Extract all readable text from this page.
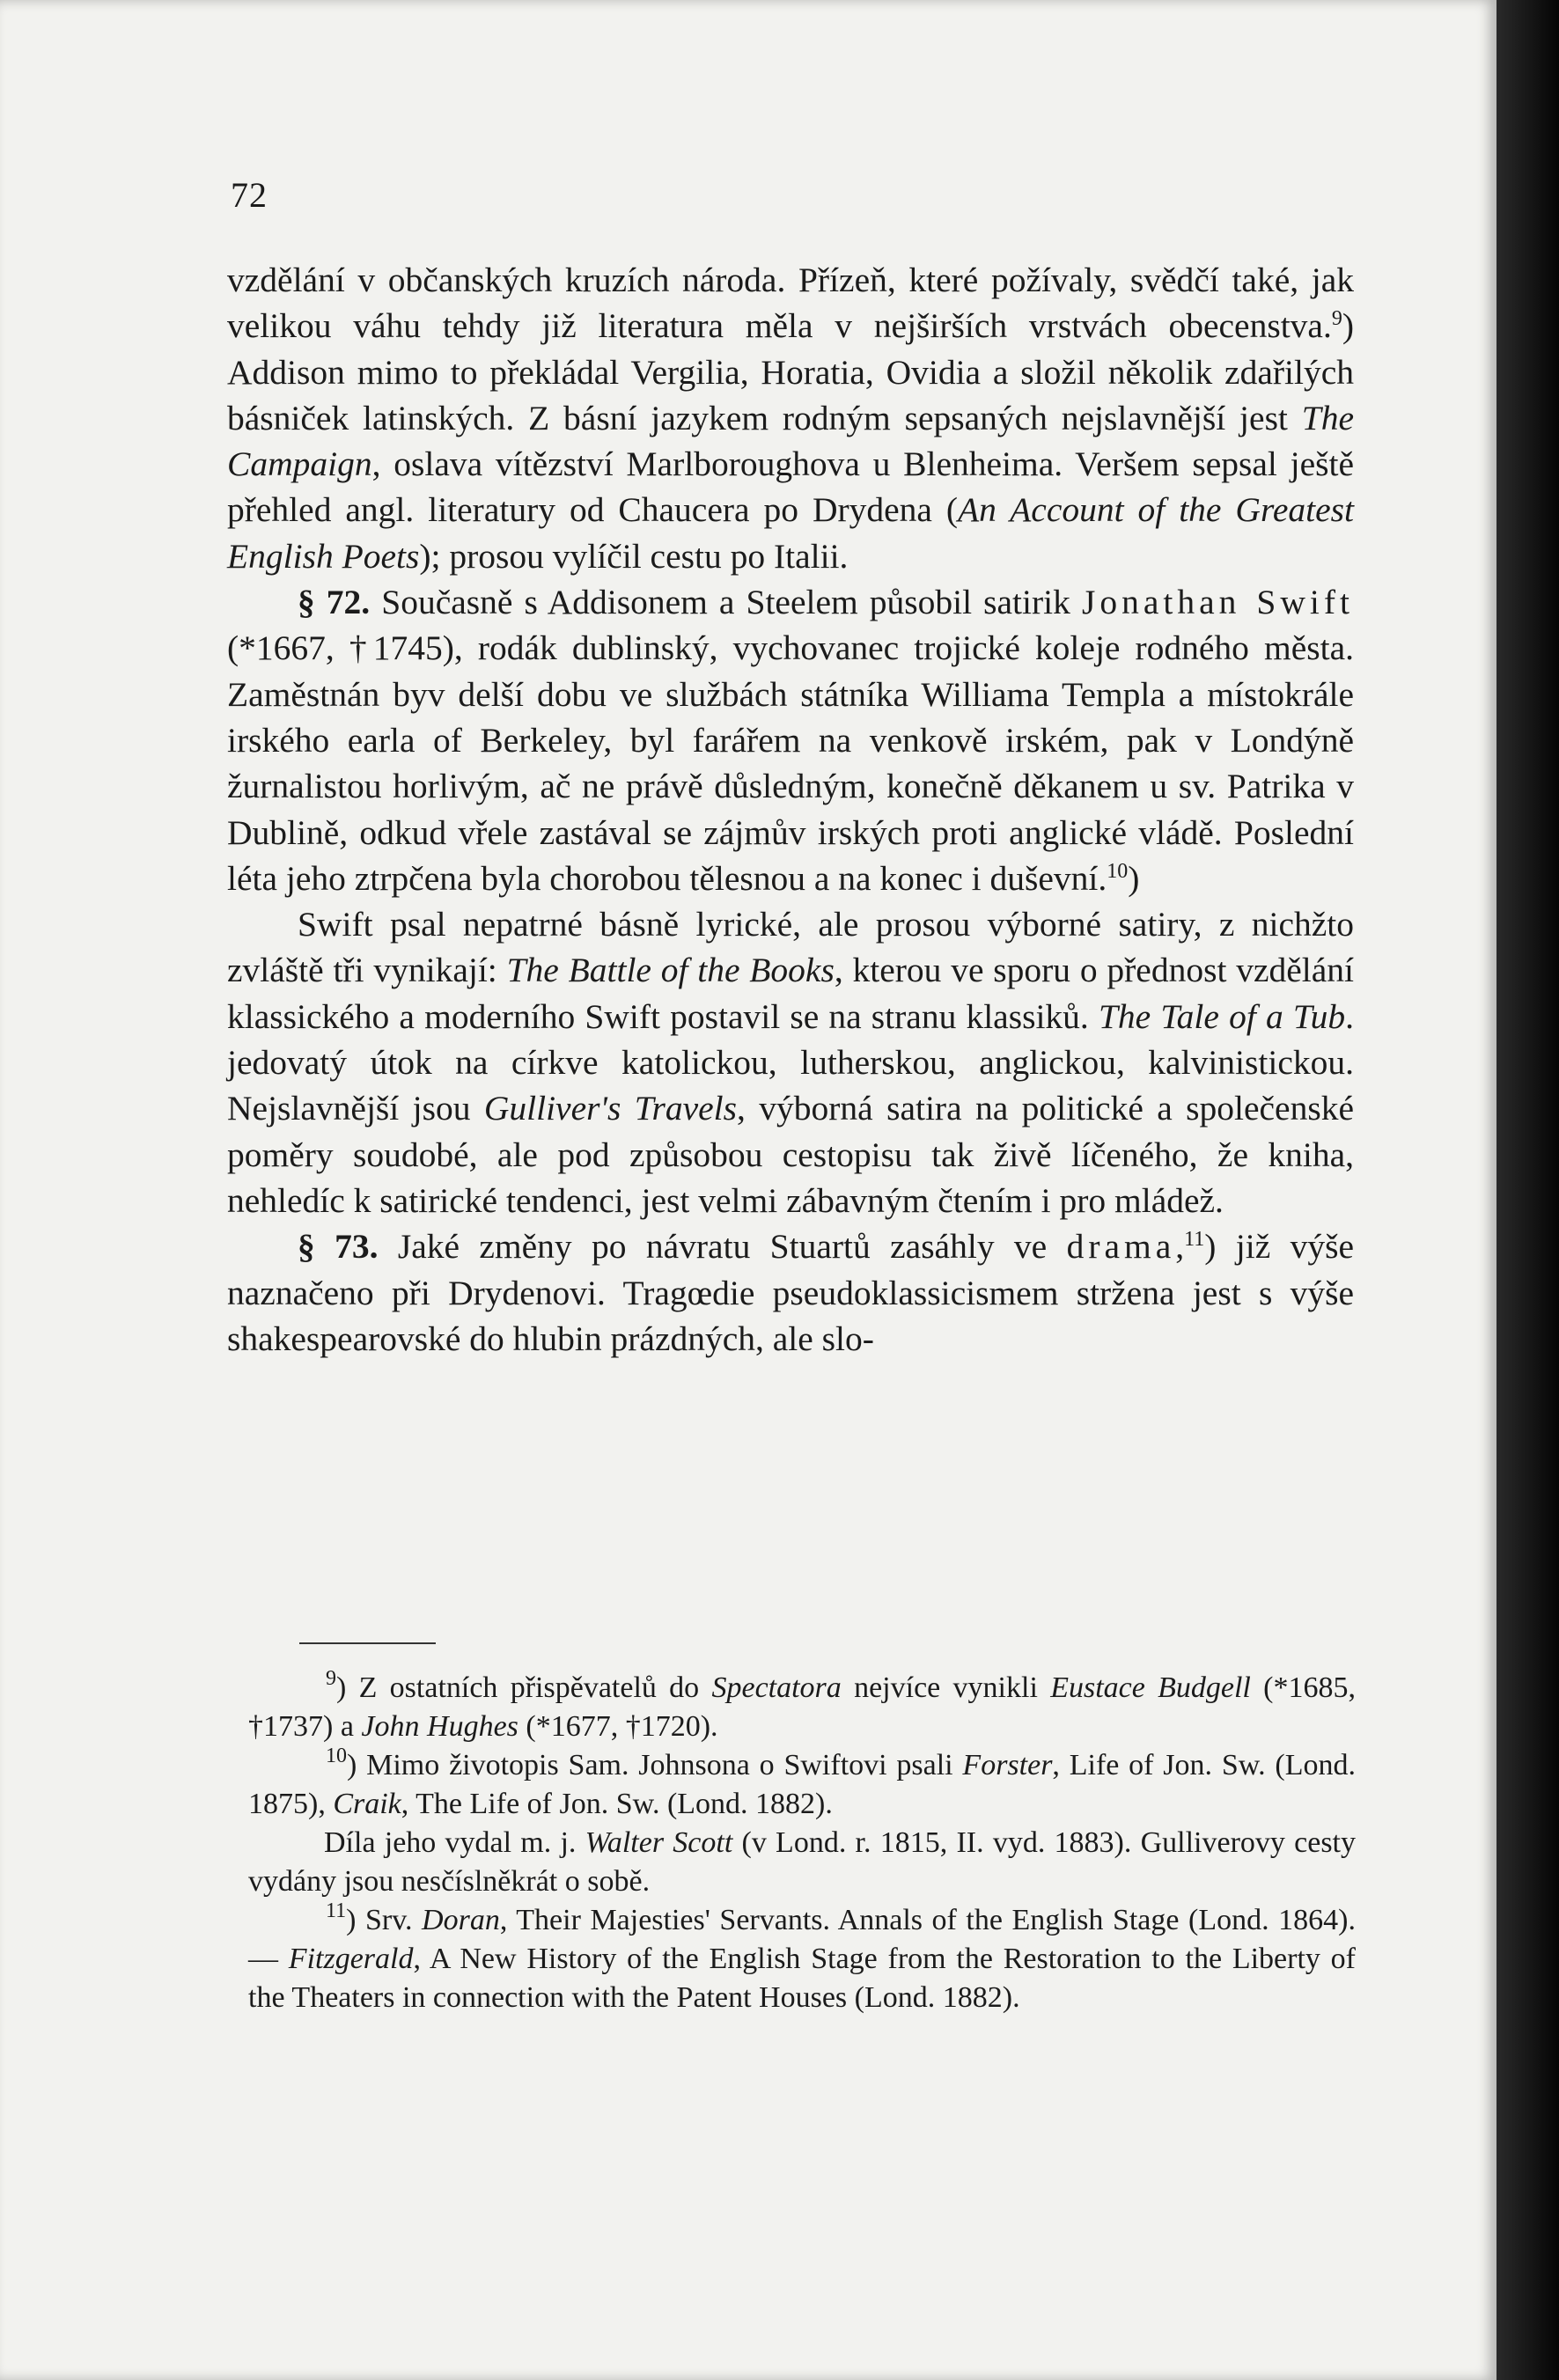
72

vzdělání v občanských kruzích národa. Přízeň, které požívaly, svědčí také, jak velikou váhu tehdy již literatura měla v nejširších vrstvách obecenstva.$^9$) Addison mimo to překládal Vergilia, Horatia, Ovidia a složil několik zdařilých básniček latinských. Z básní jazykem rodným sepsaných nejslavnější jest The Campaign, oslava vítězství Marlboroughova u Blenheima. Veršem sepsal ještě přehled angl. literatury od Chaucera po Drydena (An Account of the Greatest English Poets); prosou vylíčil cestu po Italii.

§ 72. Současně s Addisonem a Steelem působil satirik Jonathan Swift (*1667, †1745), rodák dublinský, vychovanec trojické koleje rodného města. Zaměstnán byv delší dobu ve službách státníka Williama Templa a místokrále irského earla of Berkeley, byl farářem na venkově irském, pak v Londýně žurnalistou horlivým, ač ne právě důsledným, konečně děkanem u sv. Patrika v Dublině, odkud vřele zastával se zájmův irských proti anglické vládě. Poslední léta jeho ztrpčena byla chorobou tělesnou a na konec i duševní.$^{10}$)

Swift psal nepatrné básně lyrické, ale prosou výborné satiry, z nichžto zvláště tři vynikají: The Battle of the Books, kterou ve sporu o přednost vzdělání klassického a moderního Swift postavil se na stranu klassiků. The Tale of a Tub. jedovatý útok na církve katolickou, lutherskou, anglickou, kalvinistickou. Nejslavnější jsou Gulliver's Travels, výborná satira na politické a společenské poměry soudobé, ale pod způsobou cestopisu tak živě líčeného, že kniha, nehledíc k satirické tendenci, jest velmi zábavným čtením i pro mládež.

§ 73. Jaké změny po návratu Stuartů zasáhly ve drama,$^{11}$) již výše naznačeno při Drydenovi. Tragœdie pseudoklassicismem stržena jest s výše shakespearovské do hlubin prázdných, ale slo-

$^9$) Z ostatních přispěvatelů do Spectatora nejvíce vynikli Eustace Budgell (*1685, †1737) a John Hughes (*1677, †1720).

$^{10}$) Mimo životopis Sam. Johnsona o Swiftovi psali Forster, Life of Jon. Sw. (Lond. 1875), Craik, The Life of Jon. Sw. (Lond. 1882).

Díla jeho vydal m. j. Walter Scott (v Lond. r. 1815, II. vyd. 1883). Gulliverovy cesty vydány jsou nesčíslněkrát o sobě.

$^{11}$) Srv. Doran, Their Majesties' Servants. Annals of the English Stage (Lond. 1864). — Fitzgerald, A New History of the English Stage from the Restoration to the Liberty of the Theaters in connection with the Patent Houses (Lond. 1882).
